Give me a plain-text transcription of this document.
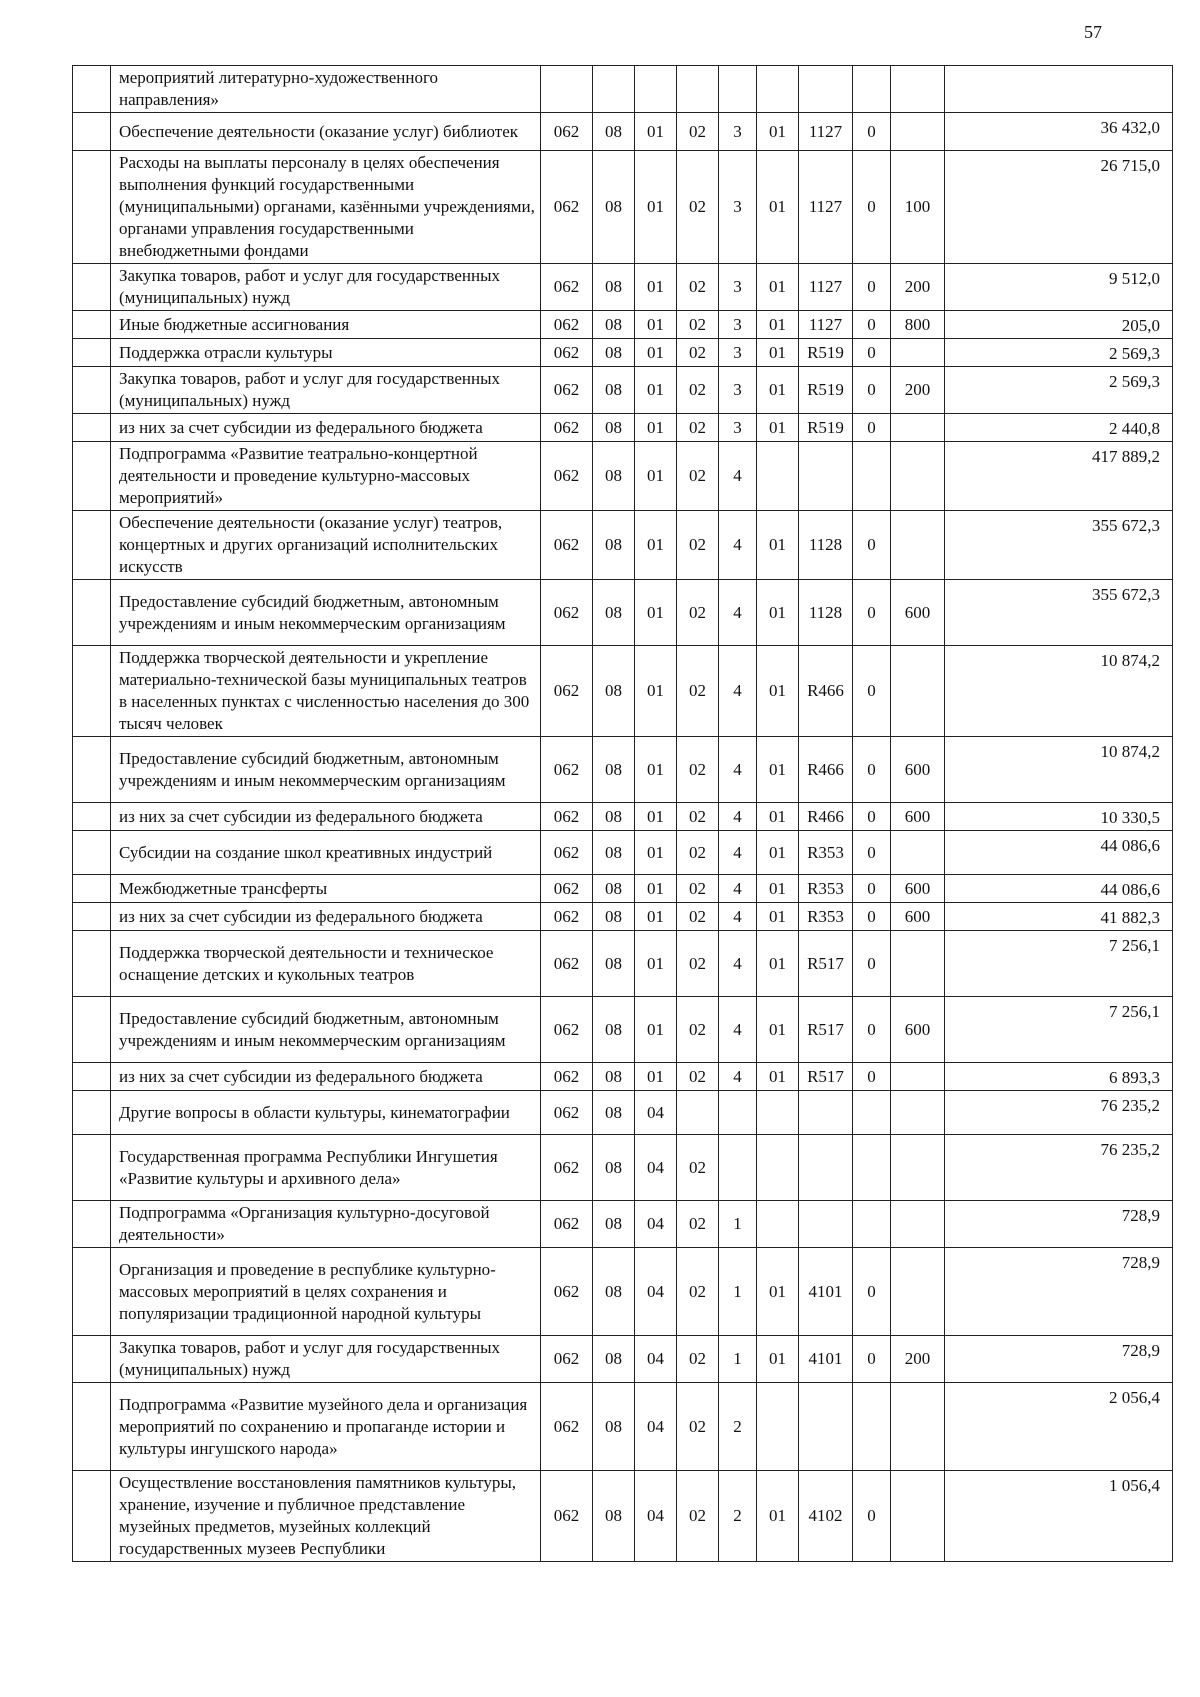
57
	мероприятий литературно-художественного направления»										
	Обеспечение деятельности (оказание услуг) библиотек	062	08	01	02	3	01	1127	0		36 432,0
	Расходы на выплаты персоналу в целях обеспечения выполнения функций государственными (муниципальными) органами, казёнными учреждениями, органами управления государственными внебюджетными фондами	062	08	01	02	3	01	1127	0	100	26 715,0
	Закупка товаров, работ и услуг для государственных (муниципальных) нужд	062	08	01	02	3	01	1127	0	200	9 512,0
	Иные бюджетные ассигнования	062	08	01	02	3	01	1127	0	800	205,0
	Поддержка отрасли культуры	062	08	01	02	3	01	R519	0		2 569,3
	Закупка товаров, работ и услуг для государственных (муниципальных) нужд	062	08	01	02	3	01	R519	0	200	2 569,3
	из них за счет субсидии из федерального бюджета	062	08	01	02	3	01	R519	0		2 440,8
	Подпрограмма «Развитие театрально-концертной деятельности и проведение культурно-массовых мероприятий»	062	08	01	02	4					417 889,2
	Обеспечение деятельности (оказание услуг) театров, концертных и других организаций исполнительских искусств	062	08	01	02	4	01	1128	0		355 672,3
	Предоставление субсидий бюджетным, автономным учреждениям и иным некоммерческим организациям	062	08	01	02	4	01	1128	0	600	355 672,3
	Поддержка творческой деятельности и укрепление материально-технической базы муниципальных театров в населенных пунктах с численностью населения до 300 тысяч человек	062	08	01	02	4	01	R466	0		10 874,2
	Предоставление субсидий бюджетным, автономным учреждениям и иным некоммерческим организациям	062	08	01	02	4	01	R466	0	600	10 874,2
	из них за счет субсидии из федерального бюджета	062	08	01	02	4	01	R466	0	600	10 330,5
	Субсидии на создание школ креативных индустрий	062	08	01	02	4	01	R353	0		44 086,6
	Межбюджетные трансферты	062	08	01	02	4	01	R353	0	600	44 086,6
	из них за счет субсидии из федерального бюджета	062	08	01	02	4	01	R353	0	600	41 882,3
	Поддержка творческой деятельности и техническое оснащение детских и кукольных театров	062	08	01	02	4	01	R517	0		7 256,1
	Предоставление субсидий бюджетным, автономным учреждениям и иным некоммерческим организациям	062	08	01	02	4	01	R517	0	600	7 256,1
	из них за счет субсидии из федерального бюджета	062	08	01	02	4	01	R517	0		6 893,3
	Другие вопросы в области культуры, кинематографии	062	08	04							76 235,2
	Государственная программа Республики Ингушетия «Развитие культуры и архивного дела»	062	08	04	02						76 235,2
	Подпрограмма «Организация культурно-досуговой деятельности»	062	08	04	02	1					728,9
	Организация и проведение в республике культурно-массовых мероприятий в целях сохранения и популяризации традиционной народной культуры	062	08	04	02	1	01	4101	0		728,9
	Закупка товаров, работ и услуг для государственных (муниципальных) нужд	062	08	04	02	1	01	4101	0	200	728,9
	Подпрограмма «Развитие музейного дела и организация мероприятий по сохранению и пропаганде истории и культуры ингушского народа»	062	08	04	02	2					2 056,4
	Осуществление восстановления памятников культуры, хранение, изучение и публичное представление музейных предметов, музейных коллекций государственных музеев Республики	062	08	04	02	2	01	4102	0		1 056,4
